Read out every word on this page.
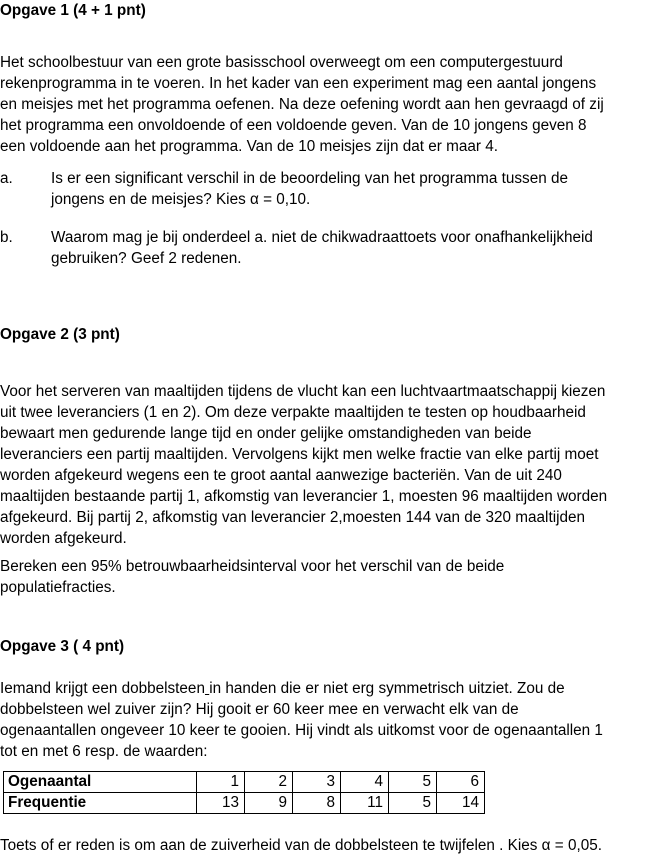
Opgave 1 (4 + 1 pnt)
Het schoolbestuur van een grote basisschool overweegt om een computergestuurd
rekenprogramma in te voeren. In het kader van een experiment mag een aantal jongens
en meisjes met het programma oefenen. Na deze oefening wordt aan hen gevraagd of zij
het programma een onvoldoende of een voldoende geven. Van de 10 jongens geven 8
een voldoende aan het programma. Van de 10 meisjes zijn dat er maar 4.
a. Is er een significant verschil in de beoordeling van het programma tussen de
jongens en de meisjes? Kies α = 0,10.
b. Waarom mag je bij onderdeel a. niet de chikwadraattoets voor onafhankelijkheid
gebruiken? Geef 2 redenen.
Opgave 2 (3 pnt)
Voor het serveren van maaltijden tijdens de vlucht kan een luchtvaartmaatschappij kiezen
uit twee leveranciers (1 en 2). Om deze verpakte maaltijden te testen op houdbaarheid
bewaart men gedurende lange tijd en onder gelijke omstandigheden van beide
leveranciers een partij maaltijden. Vervolgens kijkt men welke fractie van elke partij moet
worden afgekeurd wegens een te groot aantal aanwezige bacteriën. Van de uit 240
maaltijden bestaande partij 1, afkomstig van leverancier 1, moesten 96 maaltijden worden
afgekeurd. Bij partij 2, afkomstig van leverancier 2,moesten 144 van de 320 maaltijden
worden afgekeurd.
Bereken een 95% betrouwbaarheidsinterval voor het verschil van de beide
populatiefracties.
Opgave 3 ( 4 pnt)
Iemand krijgt een dobbelsteen in handen die er niet erg symmetrisch uitziet. Zou de
dobbelsteen wel zuiver zijn? Hij gooit er 60 keer mee en verwacht elk van de
ogenaantallen ongeveer 10 keer te gooien. Hij vindt als uitkomst voor de ogenaantallen 1
tot en met 6 resp. de waarden:
Ogenaantal	1	2	3	4	5	6
Frequentie	13	9	8	11	5	14
Toets of er reden is om aan de zuiverheid van de dobbelsteen te twijfelen . Kies α = 0,05.
